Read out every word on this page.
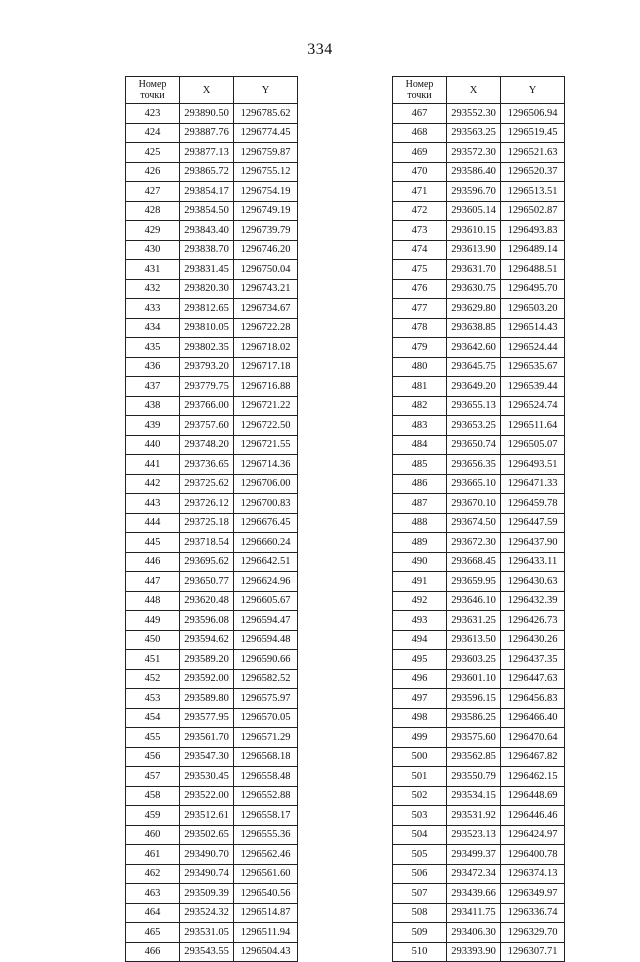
334
Номер точки	X	Y
423	293890.50	1296785.62
424	293887.76	1296774.45
425	293877.13	1296759.87
426	293865.72	1296755.12
427	293854.17	1296754.19
428	293854.50	1296749.19
429	293843.40	1296739.79
430	293838.70	1296746.20
431	293831.45	1296750.04
432	293820.30	1296743.21
433	293812.65	1296734.67
434	293810.05	1296722.28
435	293802.35	1296718.02
436	293793.20	1296717.18
437	293779.75	1296716.88
438	293766.00	1296721.22
439	293757.60	1296722.50
440	293748.20	1296721.55
441	293736.65	1296714.36
442	293725.62	1296706.00
443	293726.12	1296700.83
444	293725.18	1296676.45
445	293718.54	1296660.24
446	293695.62	1296642.51
447	293650.77	1296624.96
448	293620.48	1296605.67
449	293596.08	1296594.47
450	293594.62	1296594.48
451	293589.20	1296590.66
452	293592.00	1296582.52
453	293589.80	1296575.97
454	293577.95	1296570.05
455	293561.70	1296571.29
456	293547.30	1296568.18
457	293530.45	1296558.48
458	293522.00	1296552.88
459	293512.61	1296558.17
460	293502.65	1296555.36
461	293490.70	1296562.46
462	293490.74	1296561.60
463	293509.39	1296540.56
464	293524.32	1296514.87
465	293531.05	1296511.94
466	293543.55	1296504.43
Номер точки	X	Y
467	293552.30	1296506.94
468	293563.25	1296519.45
469	293572.30	1296521.63
470	293586.40	1296520.37
471	293596.70	1296513.51
472	293605.14	1296502.87
473	293610.15	1296493.83
474	293613.90	1296489.14
475	293631.70	1296488.51
476	293630.75	1296495.70
477	293629.80	1296503.20
478	293638.85	1296514.43
479	293642.60	1296524.44
480	293645.75	1296535.67
481	293649.20	1296539.44
482	293655.13	1296524.74
483	293653.25	1296511.64
484	293650.74	1296505.07
485	293656.35	1296493.51
486	293665.10	1296471.33
487	293670.10	1296459.78
488	293674.50	1296447.59
489	293672.30	1296437.90
490	293668.45	1296433.11
491	293659.95	1296430.63
492	293646.10	1296432.39
493	293631.25	1296426.73
494	293613.50	1296430.26
495	293603.25	1296437.35
496	293601.10	1296447.63
497	293596.15	1296456.83
498	293586.25	1296466.40
499	293575.60	1296470.64
500	293562.85	1296467.82
501	293550.79	1296462.15
502	293534.15	1296448.69
503	293531.92	1296446.46
504	293523.13	1296424.97
505	293499.37	1296400.78
506	293472.34	1296374.13
507	293439.66	1296349.97
508	293411.75	1296336.74
509	293406.30	1296329.70
510	293393.90	1296307.71
